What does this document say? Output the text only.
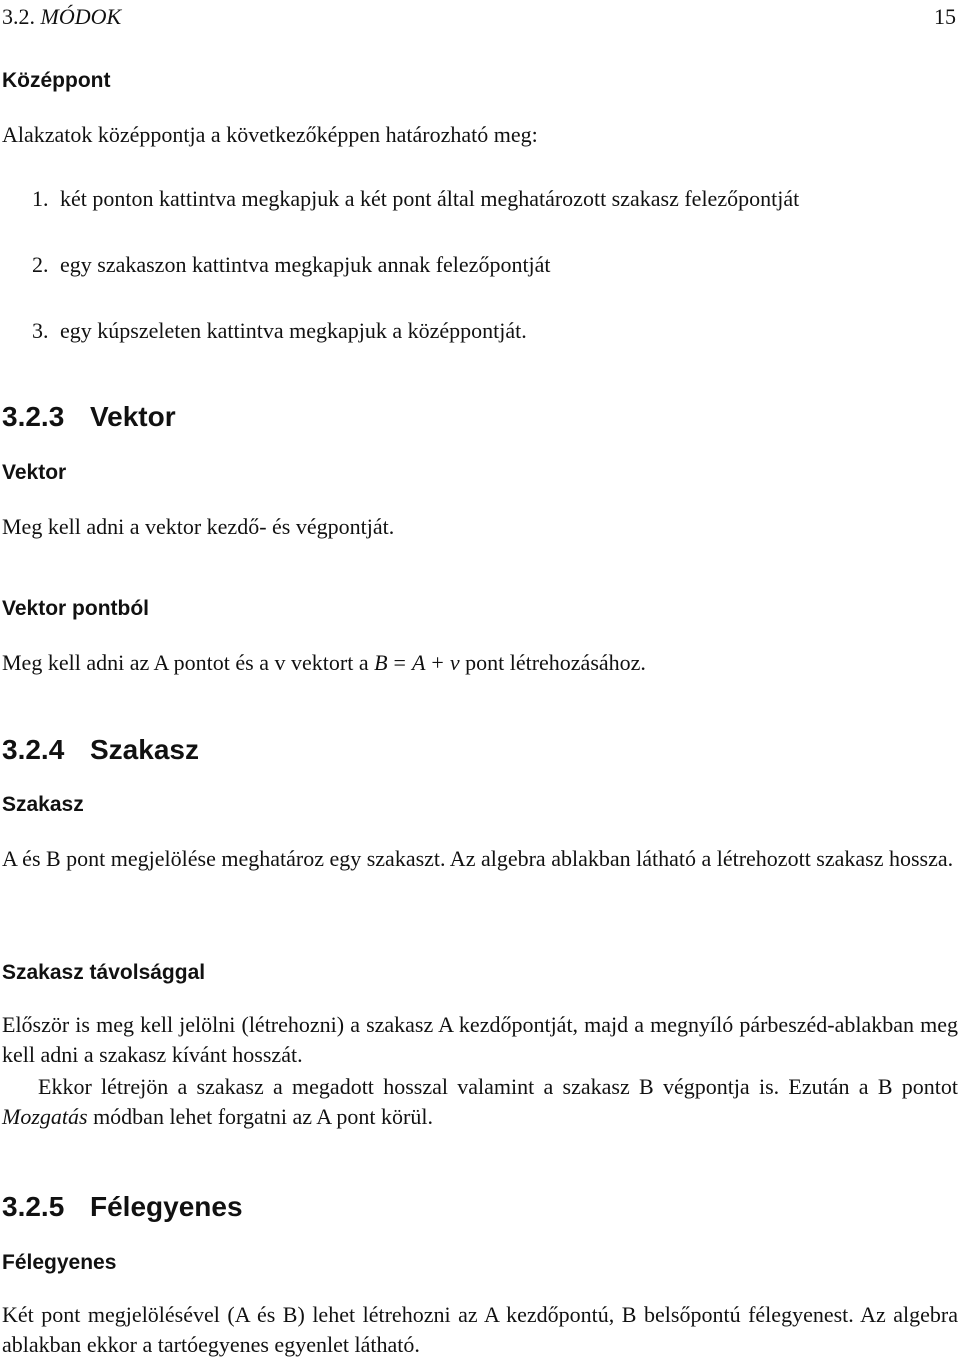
3.2. MÓDOK	15
Középpont
Alakzatok középpontja a következőképpen határozható meg:
1. két ponton kattintva megkapjuk a két pont által meghatározott szakasz felezőpontját
2. egy szakaszon kattintva megkapjuk annak felezőpontját
3. egy kúpszeleten kattintva megkapjuk a középpontját.
3.2.3 Vektor
Vektor
Meg kell adni a vektor kezdő- és végpontját.
Vektor pontból
Meg kell adni az A pontot és a v vektort a B = A + v pont létrehozásához.
3.2.4 Szakasz
Szakasz
A és B pont megjelölése meghatároz egy szakaszt. Az algebra ablakban látható a létrehozott szakasz hossza.
Szakasz távolsággal
Először is meg kell jelölni (létrehozni) a szakasz A kezdőpontját, majd a megnyíló párbeszéd-ablakban meg kell adni a szakasz kívánt hosszát.
Ekkor létrejön a szakasz a megadott hosszal valamint a szakasz B végpontja is. Ezután a B pontot Mozgatás módban lehet forgatni az A pont körül.
3.2.5 Félegyenes
Félegyenes
Két pont megjelölésével (A és B) lehet létrehozni az A kezdőpontú, B belsőpontú félegyenest. Az algebra ablakban ekkor a tartóegyenes egyenlet látható.
